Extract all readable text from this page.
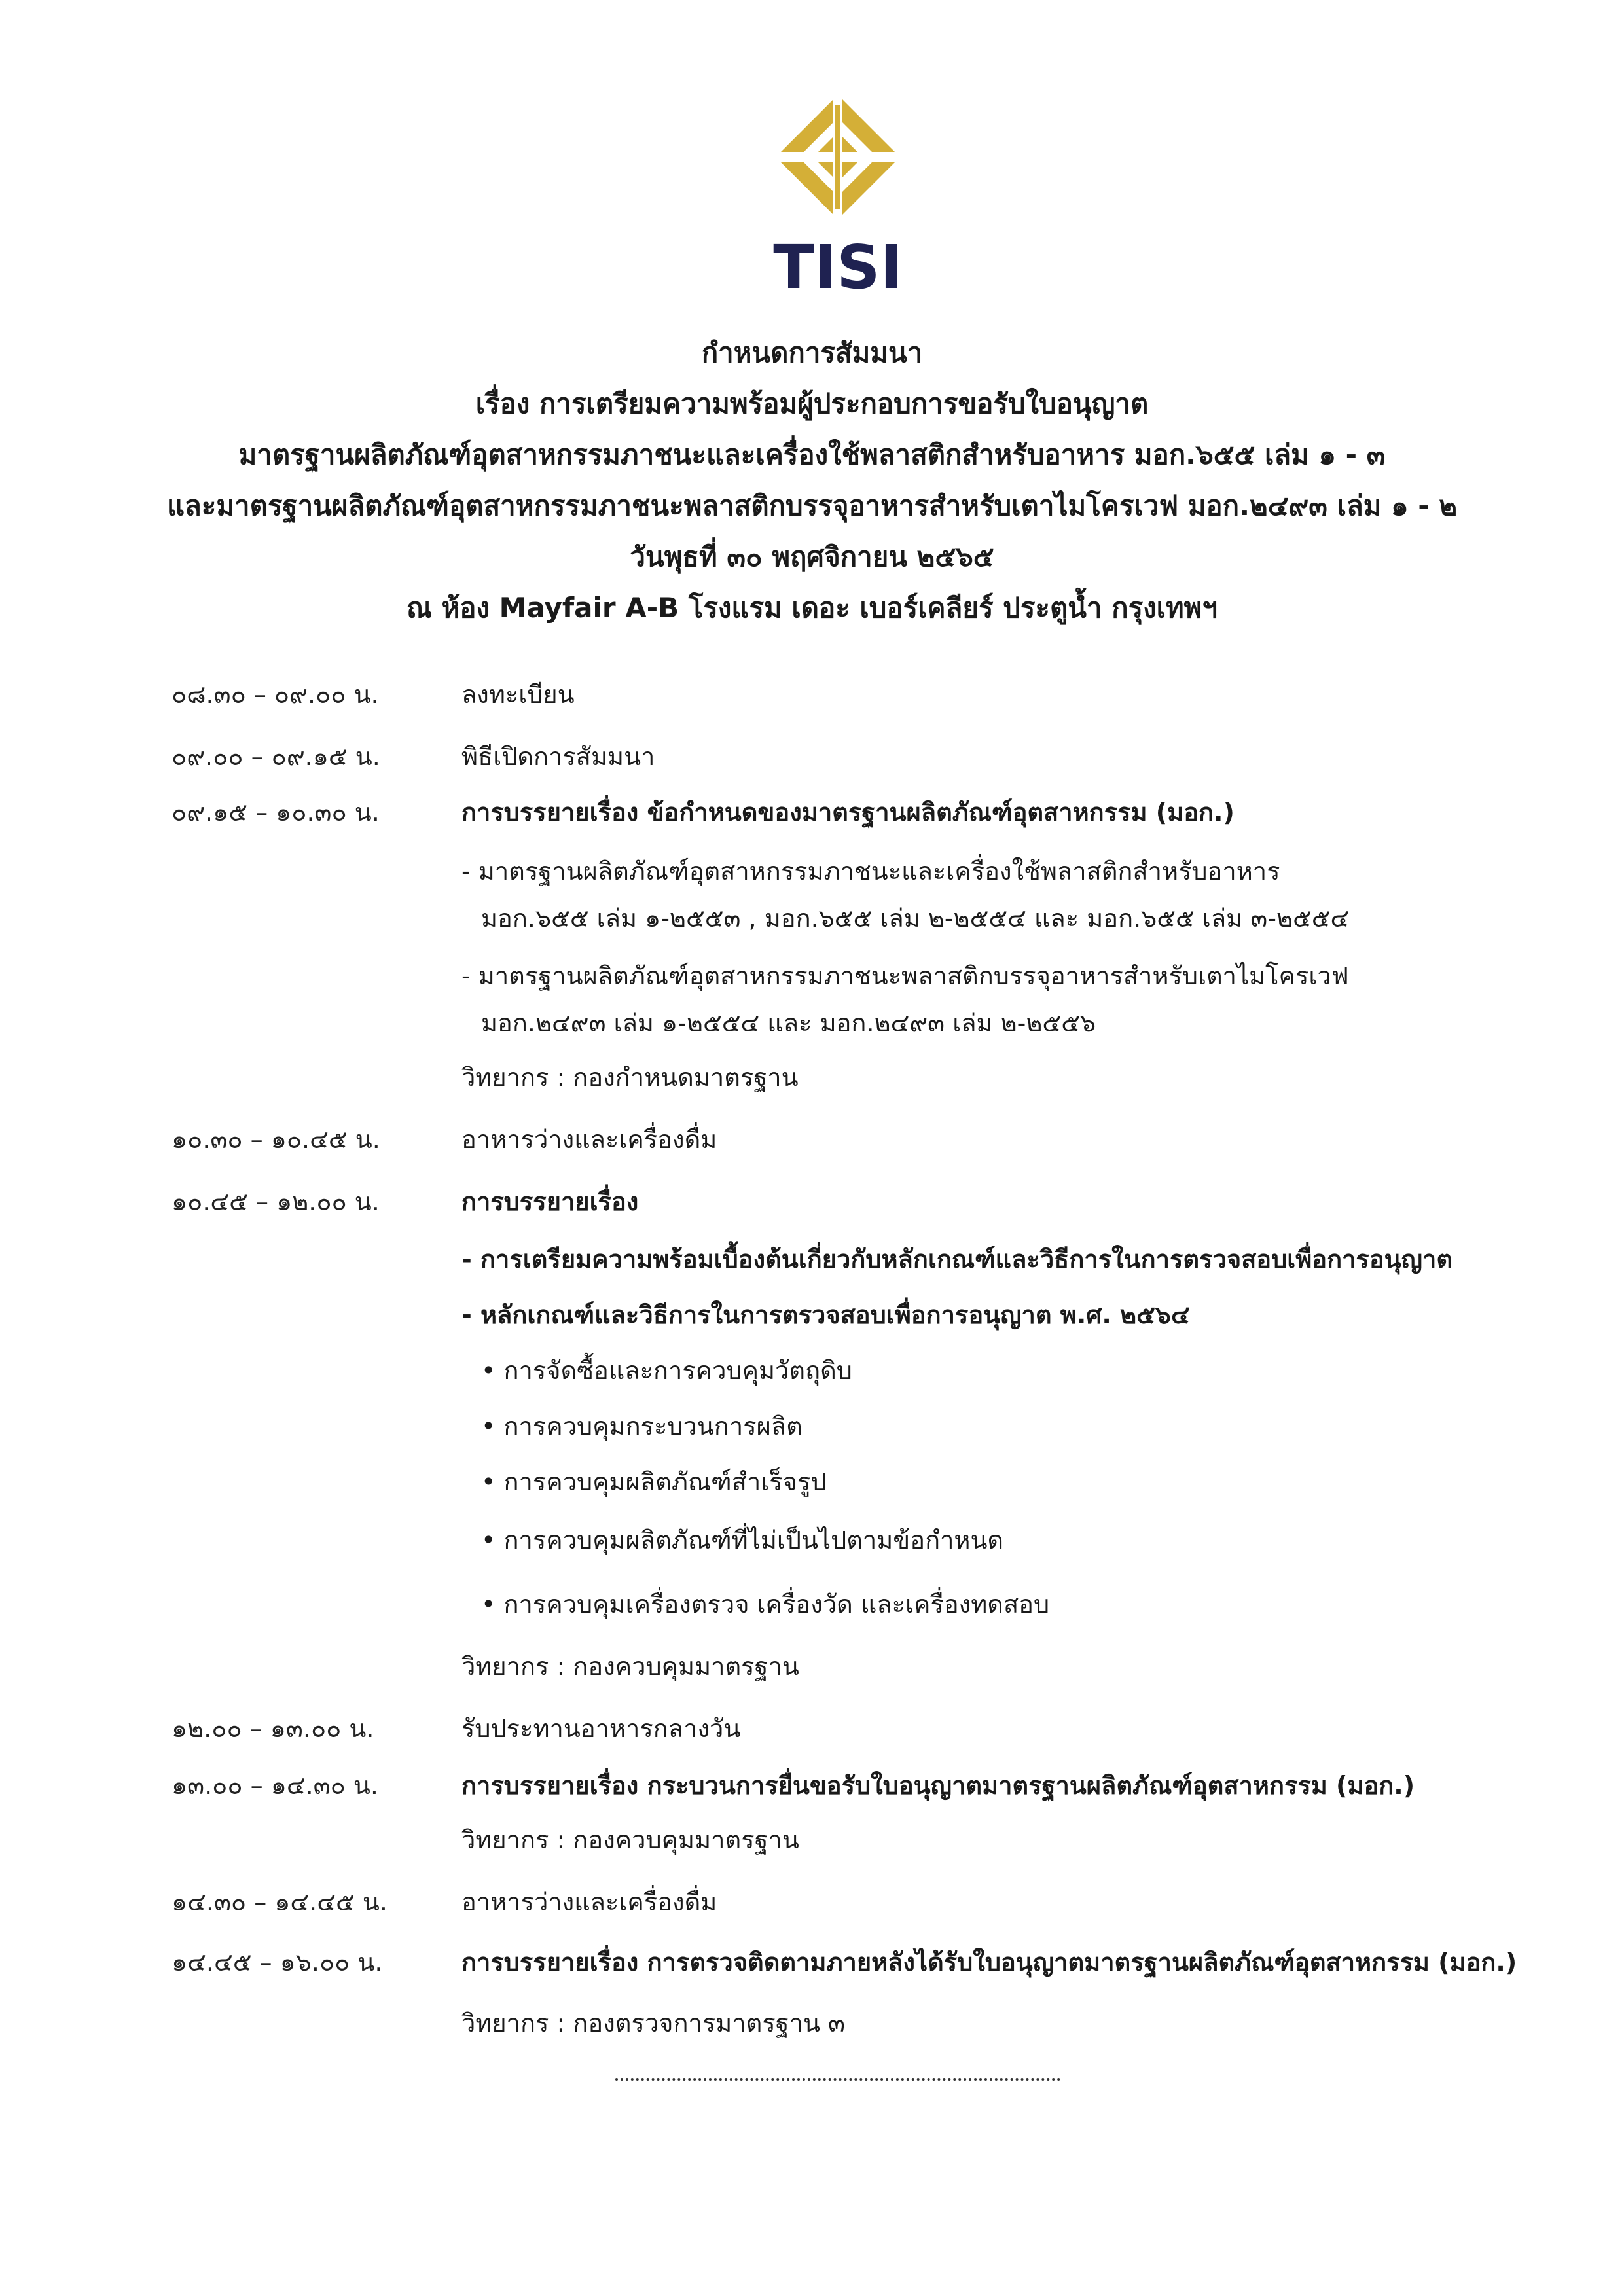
TISI
กำหนดการสัมมนา
เรื่อง การเตรียมความพร้อมผู้ประกอบการขอรับใบอนุญาต
มาตรฐานผลิตภัณฑ์อุตสาหกรรมภาชนะและเครื่องใช้พลาสติกสำหรับอาหาร มอก.๖๕๕ เล่ม ๑ - ๓
และมาตรฐานผลิตภัณฑ์อุตสาหกรรมภาชนะพลาสติกบรรจุอาหารสำหรับเตาไมโครเวฟ มอก.๒๔๙๓ เล่ม ๑ - ๒
วันพุธที่ ๓๐ พฤศจิกายน ๒๕๖๕
ณ ห้อง Mayfair A-B โรงแรม เดอะ เบอร์เคลียร์ ประตูน้ำ กรุงเทพฯ
๐๘.๓๐ – ๐๙.๐๐ น.	ลงทะเบียน
๐๙.๐๐ – ๐๙.๑๕ น.	พิธีเปิดการสัมมนา
๐๙.๑๕ – ๑๐.๓๐ น.	การบรรยายเรื่อง ข้อกำหนดของมาตรฐานผลิตภัณฑ์อุตสาหกรรม (มอก.)
- มาตรฐานผลิตภัณฑ์อุตสาหกรรมภาชนะและเครื่องใช้พลาสติกสำหรับอาหาร
มอก.๖๕๕ เล่ม ๑-๒๕๕๓ , มอก.๖๕๕ เล่ม ๒-๒๕๕๔ และ มอก.๖๕๕ เล่ม ๓-๒๕๕๔
- มาตรฐานผลิตภัณฑ์อุตสาหกรรมภาชนะพลาสติกบรรจุอาหารสำหรับเตาไมโครเวฟ
มอก.๒๔๙๓ เล่ม ๑-๒๕๕๔ และ มอก.๒๔๙๓ เล่ม ๒-๒๕๕๖
วิทยากร : กองกำหนดมาตรฐาน
๑๐.๓๐ – ๑๐.๔๕ น.	อาหารว่างและเครื่องดื่ม
๑๐.๔๕ – ๑๒.๐๐ น.	การบรรยายเรื่อง
- การเตรียมความพร้อมเบื้องต้นเกี่ยวกับหลักเกณฑ์และวิธีการในการตรวจสอบเพื่อการอนุญาต
- หลักเกณฑ์และวิธีการในการตรวจสอบเพื่อการอนุญาต พ.ศ. ๒๕๖๔
• การจัดซื้อและการควบคุมวัตถุดิบ
• การควบคุมกระบวนการผลิต
• การควบคุมผลิตภัณฑ์สำเร็จรูป
• การควบคุมผลิตภัณฑ์ที่ไม่เป็นไปตามข้อกำหนด
• การควบคุมเครื่องตรวจ เครื่องวัด และเครื่องทดสอบ
วิทยากร : กองควบคุมมาตรฐาน
๑๒.๐๐ – ๑๓.๐๐ น.	รับประทานอาหารกลางวัน
๑๓.๐๐ – ๑๔.๓๐ น.	การบรรยายเรื่อง กระบวนการยื่นขอรับใบอนุญาตมาตรฐานผลิตภัณฑ์อุตสาหกรรม (มอก.)
วิทยากร : กองควบคุมมาตรฐาน
๑๔.๓๐ – ๑๔.๔๕ น.	อาหารว่างและเครื่องดื่ม
๑๔.๔๕ – ๑๖.๐๐ น.	การบรรยายเรื่อง การตรวจติดตามภายหลังได้รับใบอนุญาตมาตรฐานผลิตภัณฑ์อุตสาหกรรม (มอก.)
วิทยากร : กองตรวจการมาตรฐาน ๓
